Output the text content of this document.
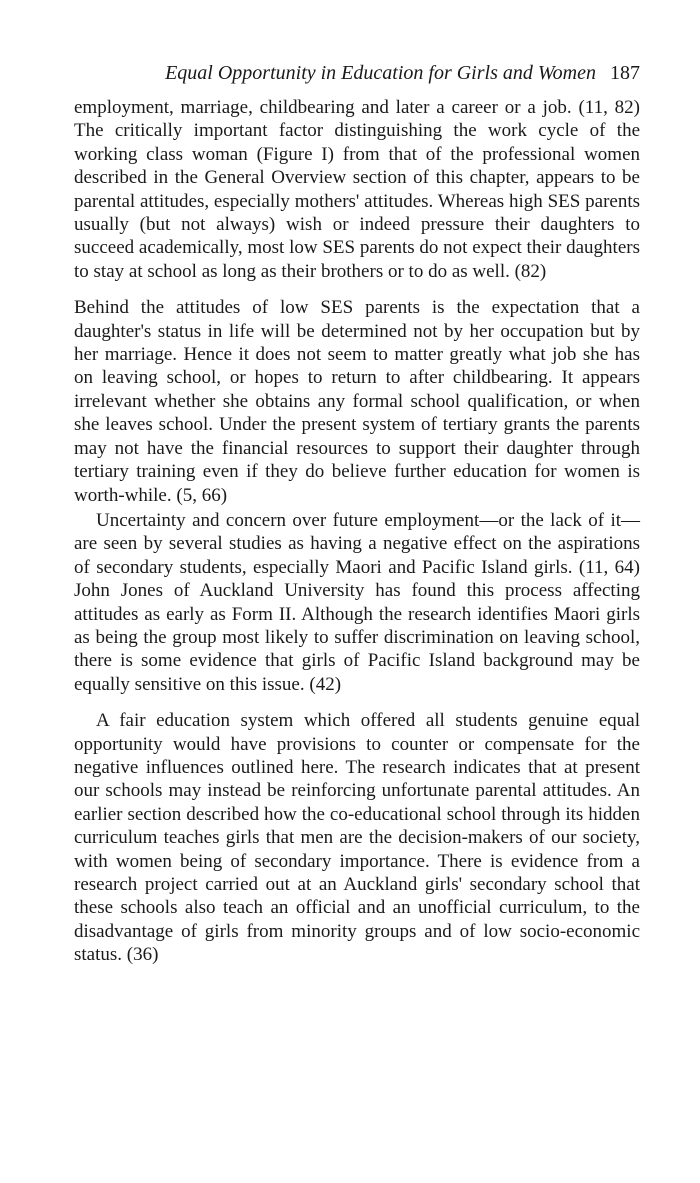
Equal Opportunity in Education for Girls and Women 187

employment, marriage, childbearing and later a career or a job. (11, 82) The critically important factor distinguishing the work cycle of the working class woman (Figure I) from that of the professional women described in the General Overview section of this chapter, appears to be parental attitudes, especially mothers' attitudes. Whereas high SES parents usually (but not always) wish or indeed pressure their daughters to succeed academically, most low SES parents do not expect their daughters to stay at school as long as their brothers or to do as well. (82)

Behind the attitudes of low SES parents is the expectation that a daughter's status in life will be determined not by her occupation but by her marriage. Hence it does not seem to matter greatly what job she has on leaving school, or hopes to return to after childbearing. It appears irrelevant whether she obtains any formal school qualification, or when she leaves school. Under the present system of tertiary grants the parents may not have the financial resources to support their daughter through tertiary training even if they do believe further education for women is worth-while. (5, 66)

Uncertainty and concern over future employment—or the lack of it—are seen by several studies as having a negative effect on the aspirations of secondary students, especially Maori and Pacific Island girls. (11, 64) John Jones of Auckland University has found this process affecting attitudes as early as Form II. Although the research identifies Maori girls as being the group most likely to suffer discrimination on leaving school, there is some evidence that girls of Pacific Island background may be equally sensitive on this issue. (42)

A fair education system which offered all students genuine equal opportunity would have provisions to counter or compensate for the negative influences outlined here. The research indicates that at present our schools may instead be reinforcing unfortunate parental attitudes. An earlier section described how the co-educational school through its hidden curriculum teaches girls that men are the decision-makers of our society, with women being of secondary importance. There is evidence from a research project carried out at an Auckland girls' secondary school that these schools also teach an official and an unofficial curriculum, to the disadvantage of girls from minority groups and of low socio-economic status. (36)
